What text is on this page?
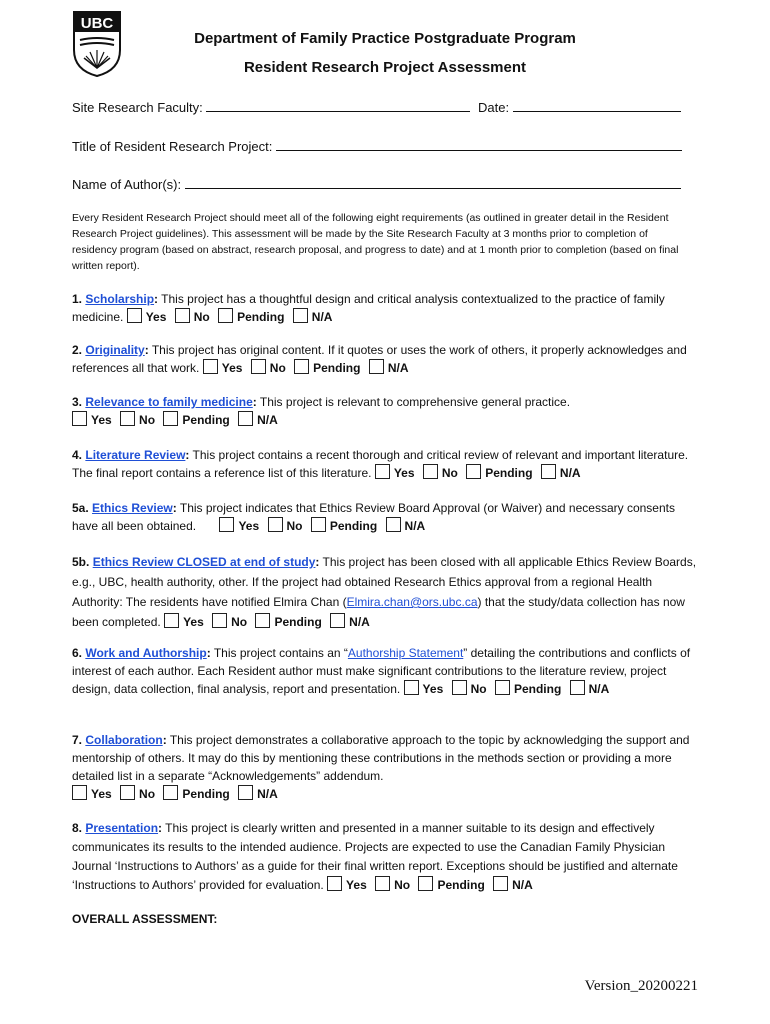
UBC
Department of Family Practice Postgraduate Program
Resident Research Project Assessment
Site Research Faculty:	Date:
Title of Resident Research Project:
Name of Author(s):
Every Resident Research Project should meet all of the following eight requirements (as outlined in greater detail in the Resident Research Project guidelines). This assessment will be made by the Site Research Faculty at 3 months prior to completion of residency program (based on abstract, research proposal, and progress to date) and at 1 month prior to completion (based on final written report).
1. Scholarship: This project has a thoughtful design and critical analysis contextualized to the practice of family medicine. Yes No Pending N/A
2. Originality: This project has original content. If it quotes or uses the work of others, it properly acknowledges and references all that work. Yes No Pending N/A
3. Relevance to family medicine: This project is relevant to comprehensive general practice.
Yes No Pending N/A
4. Literature Review: This project contains a recent thorough and critical review of relevant and important literature. The final report contains a reference list of this literature. Yes No Pending N/A
5a. Ethics Review: This project indicates that Ethics Review Board Approval (or Waiver) and necessary consents have all been obtained.	Yes No Pending N/A
5b. Ethics Review CLOSED at end of study: This project has been closed with all applicable Ethics Review Boards, e.g., UBC, health authority, other. If the project had obtained Research Ethics approval from a regional Health Authority: The residents have notified Elmira Chan (Elmira.chan@ors.ubc.ca) that the study/data collection has now been completed. Yes No Pending N/A
6. Work and Authorship: This project contains an “Authorship Statement” detailing the contributions and conflicts of interest of each author. Each Resident author must make significant contributions to the literature review, project design, data collection, final analysis, report and presentation. Yes No Pending N/A
7. Collaboration: This project demonstrates a collaborative approach to the topic by acknowledging the support and mentorship of others. It may do this by mentioning these contributions in the methods section or providing a more detailed list in a separate “Acknowledgements” addendum.
Yes No Pending N/A
8. Presentation: This project is clearly written and presented in a manner suitable to its design and effectively communicates its results to the intended audience. Projects are expected to use the Canadian Family Physician Journal ‘Instructions to Authors’ as a guide for their final written report. Exceptions should be justified and alternate ‘Instructions to Authors’ provided for evaluation. Yes No Pending N/A
OVERALL ASSESSMENT:
Version_20200221
